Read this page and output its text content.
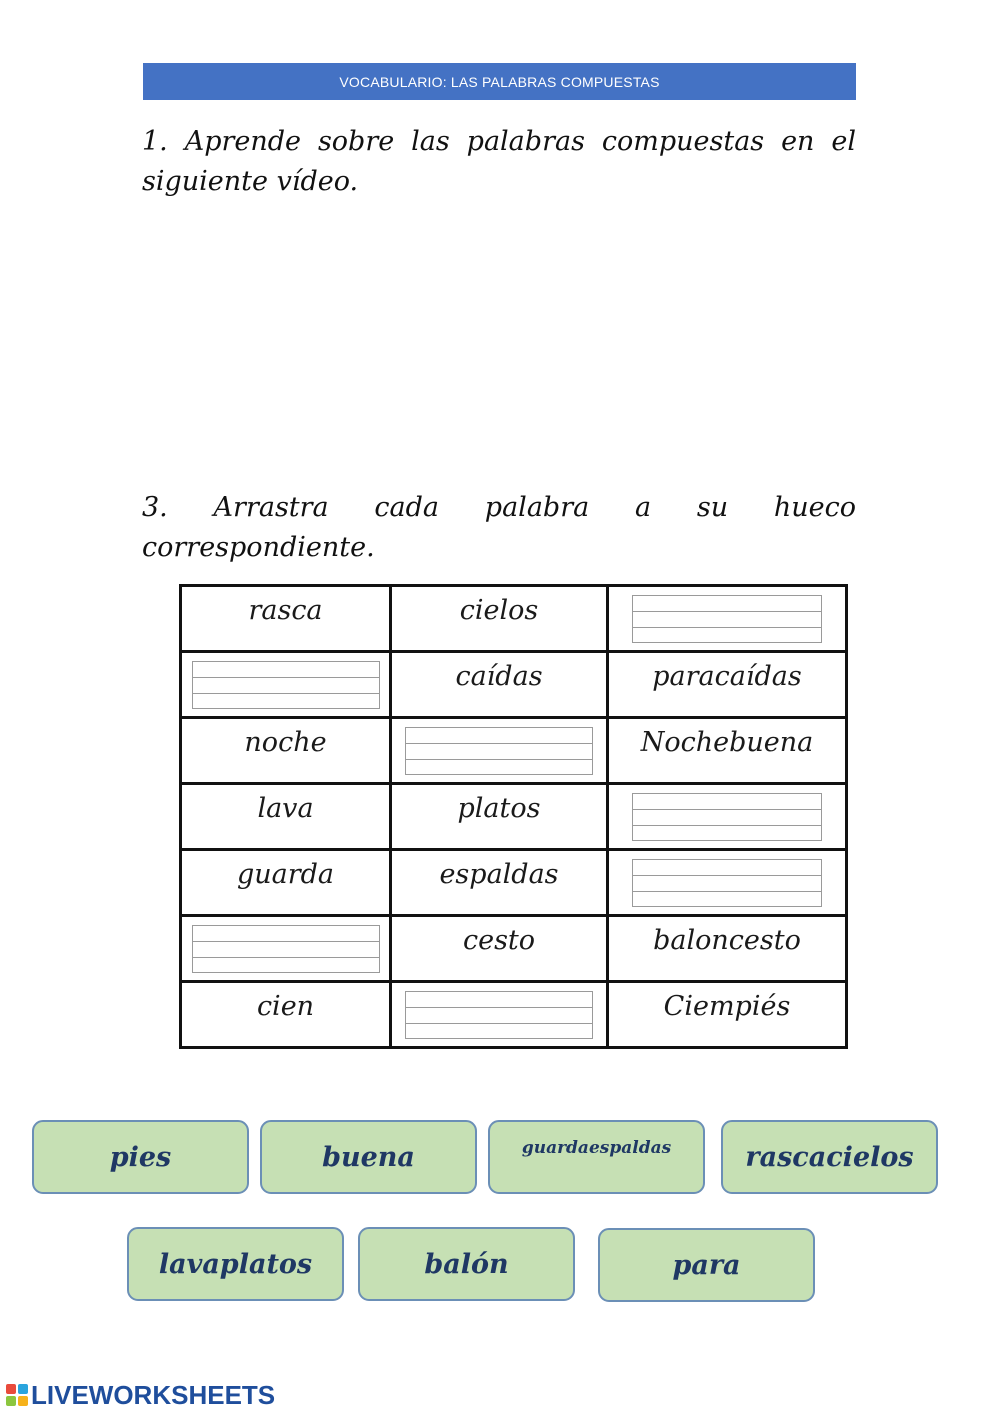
VOCABULARIO: LAS PALABRAS COMPUESTAS
1. Aprende sobre las palabras compuestas en el siguiente vídeo.
3. Arrastra cada palabra a su hueco correspondiente.
rasca	cielos	

	caídas	paracaídas
noche		Nochebuena
lava	platos	

guarda	espaldas	

	cesto	baloncesto
cien		Ciempiés
pies	buena	guardaespaldas	rascacielos
lavaplatos	balón	para
LIVEWORKSHEETS
